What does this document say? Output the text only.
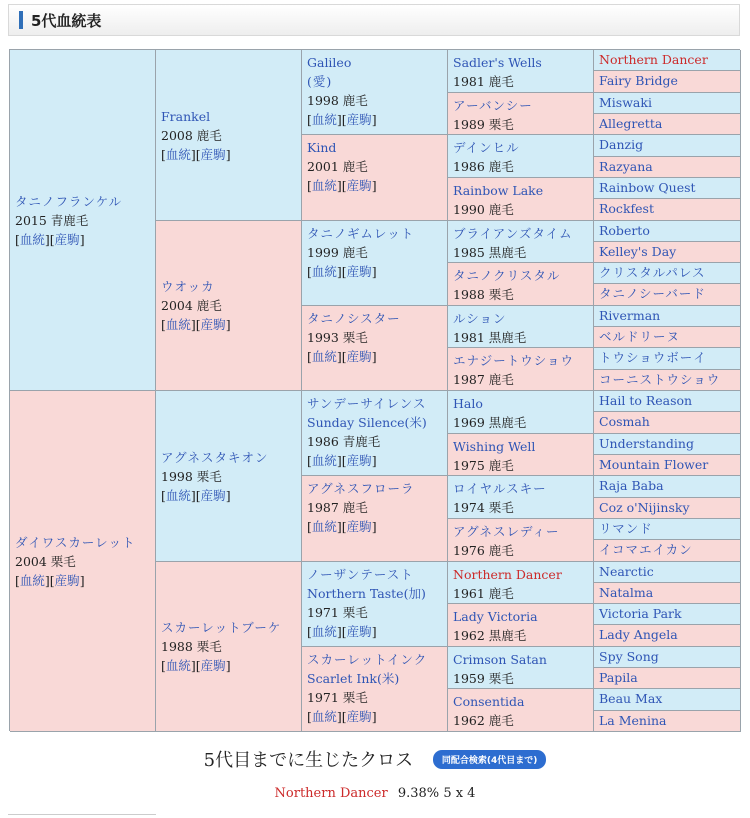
5代血統表
タニノフランケル
2015 青鹿毛
[血統][産駒]
ダイワスカーレット
2004 栗毛
[血統][産駒]
Frankel
2008 鹿毛
[血統][産駒]
ウオッカ
2004 鹿毛
[血統][産駒]
アグネスタキオン
1998 栗毛
[血統][産駒]
スカーレットブーケ
1988 栗毛
[血統][産駒]
Galileo
(愛)
1998 鹿毛
[血統][産駒]
Kind
2001 鹿毛
[血統][産駒]
タニノギムレット
1999 鹿毛
[血統][産駒]
タニノシスター
1993 栗毛
[血統][産駒]
サンデーサイレンス
Sunday Silence(米)
1986 青鹿毛
[血統][産駒]
アグネスフローラ
1987 鹿毛
[血統][産駒]
ノーザンテースト
Northern Taste(加)
1971 栗毛
[血統][産駒]
スカーレットインク
Scarlet Ink(米)
1971 栗毛
[血統][産駒]
Sadler's Wells
1981 鹿毛
アーバンシー
1989 栗毛
デインヒル
1986 鹿毛
Rainbow Lake
1990 鹿毛
ブライアンズタイム
1985 黒鹿毛
タニノクリスタル
1988 栗毛
ルション
1981 黒鹿毛
エナジートウショウ
1987 鹿毛
Halo
1969 黒鹿毛
Wishing Well
1975 鹿毛
ロイヤルスキー
1974 栗毛
アグネスレディー
1976 鹿毛
Northern Dancer
1961 鹿毛
Lady Victoria
1962 黒鹿毛
Crimson Satan
1959 栗毛
Consentida
1962 鹿毛
Northern Dancer
Fairy Bridge
Miswaki
Allegretta
Danzig
Razyana
Rainbow Quest
Rockfest
Roberto
Kelley's Day
クリスタルパレス
タニノシーバード
Riverman
ベルドリーヌ
トウショウボーイ
コーニストウショウ
Hail to Reason
Cosmah
Understanding
Mountain Flower
Raja Baba
Coz o'Nijinsky
リマンド
イコマエイカン
Nearctic
Natalma
Victoria Park
Lady Angela
Spy Song
Papila
Beau Max
La Menina
5代目までに生じたクロス	同配合検索(4代目まで)
Northern Dancer 9.38% 5 x 4
